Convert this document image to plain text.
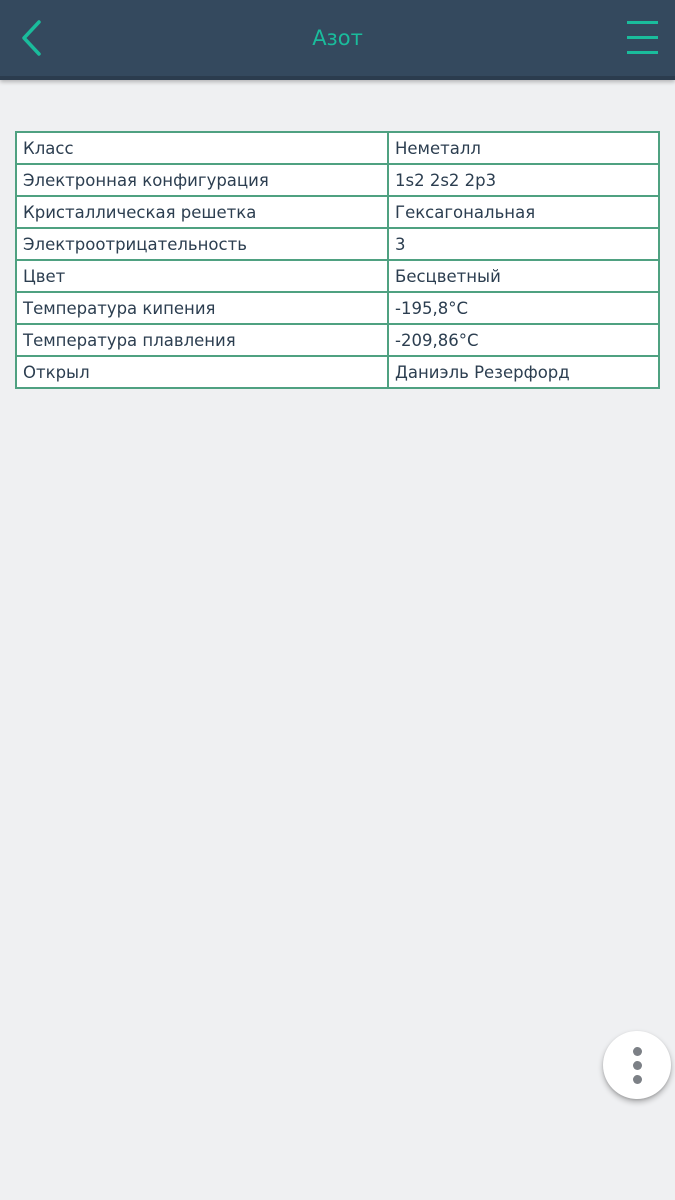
Азот
Класс	Неметалл
Электронная конфигурация	1s2 2s2 2p3
Кристаллическая решетка	Гексагональная
Электроотрицательность	3
Цвет	Бесцветный
Температура кипения	-195,8°C
Температура плавления	-209,86°C
Открыл	Даниэль Резерфорд
